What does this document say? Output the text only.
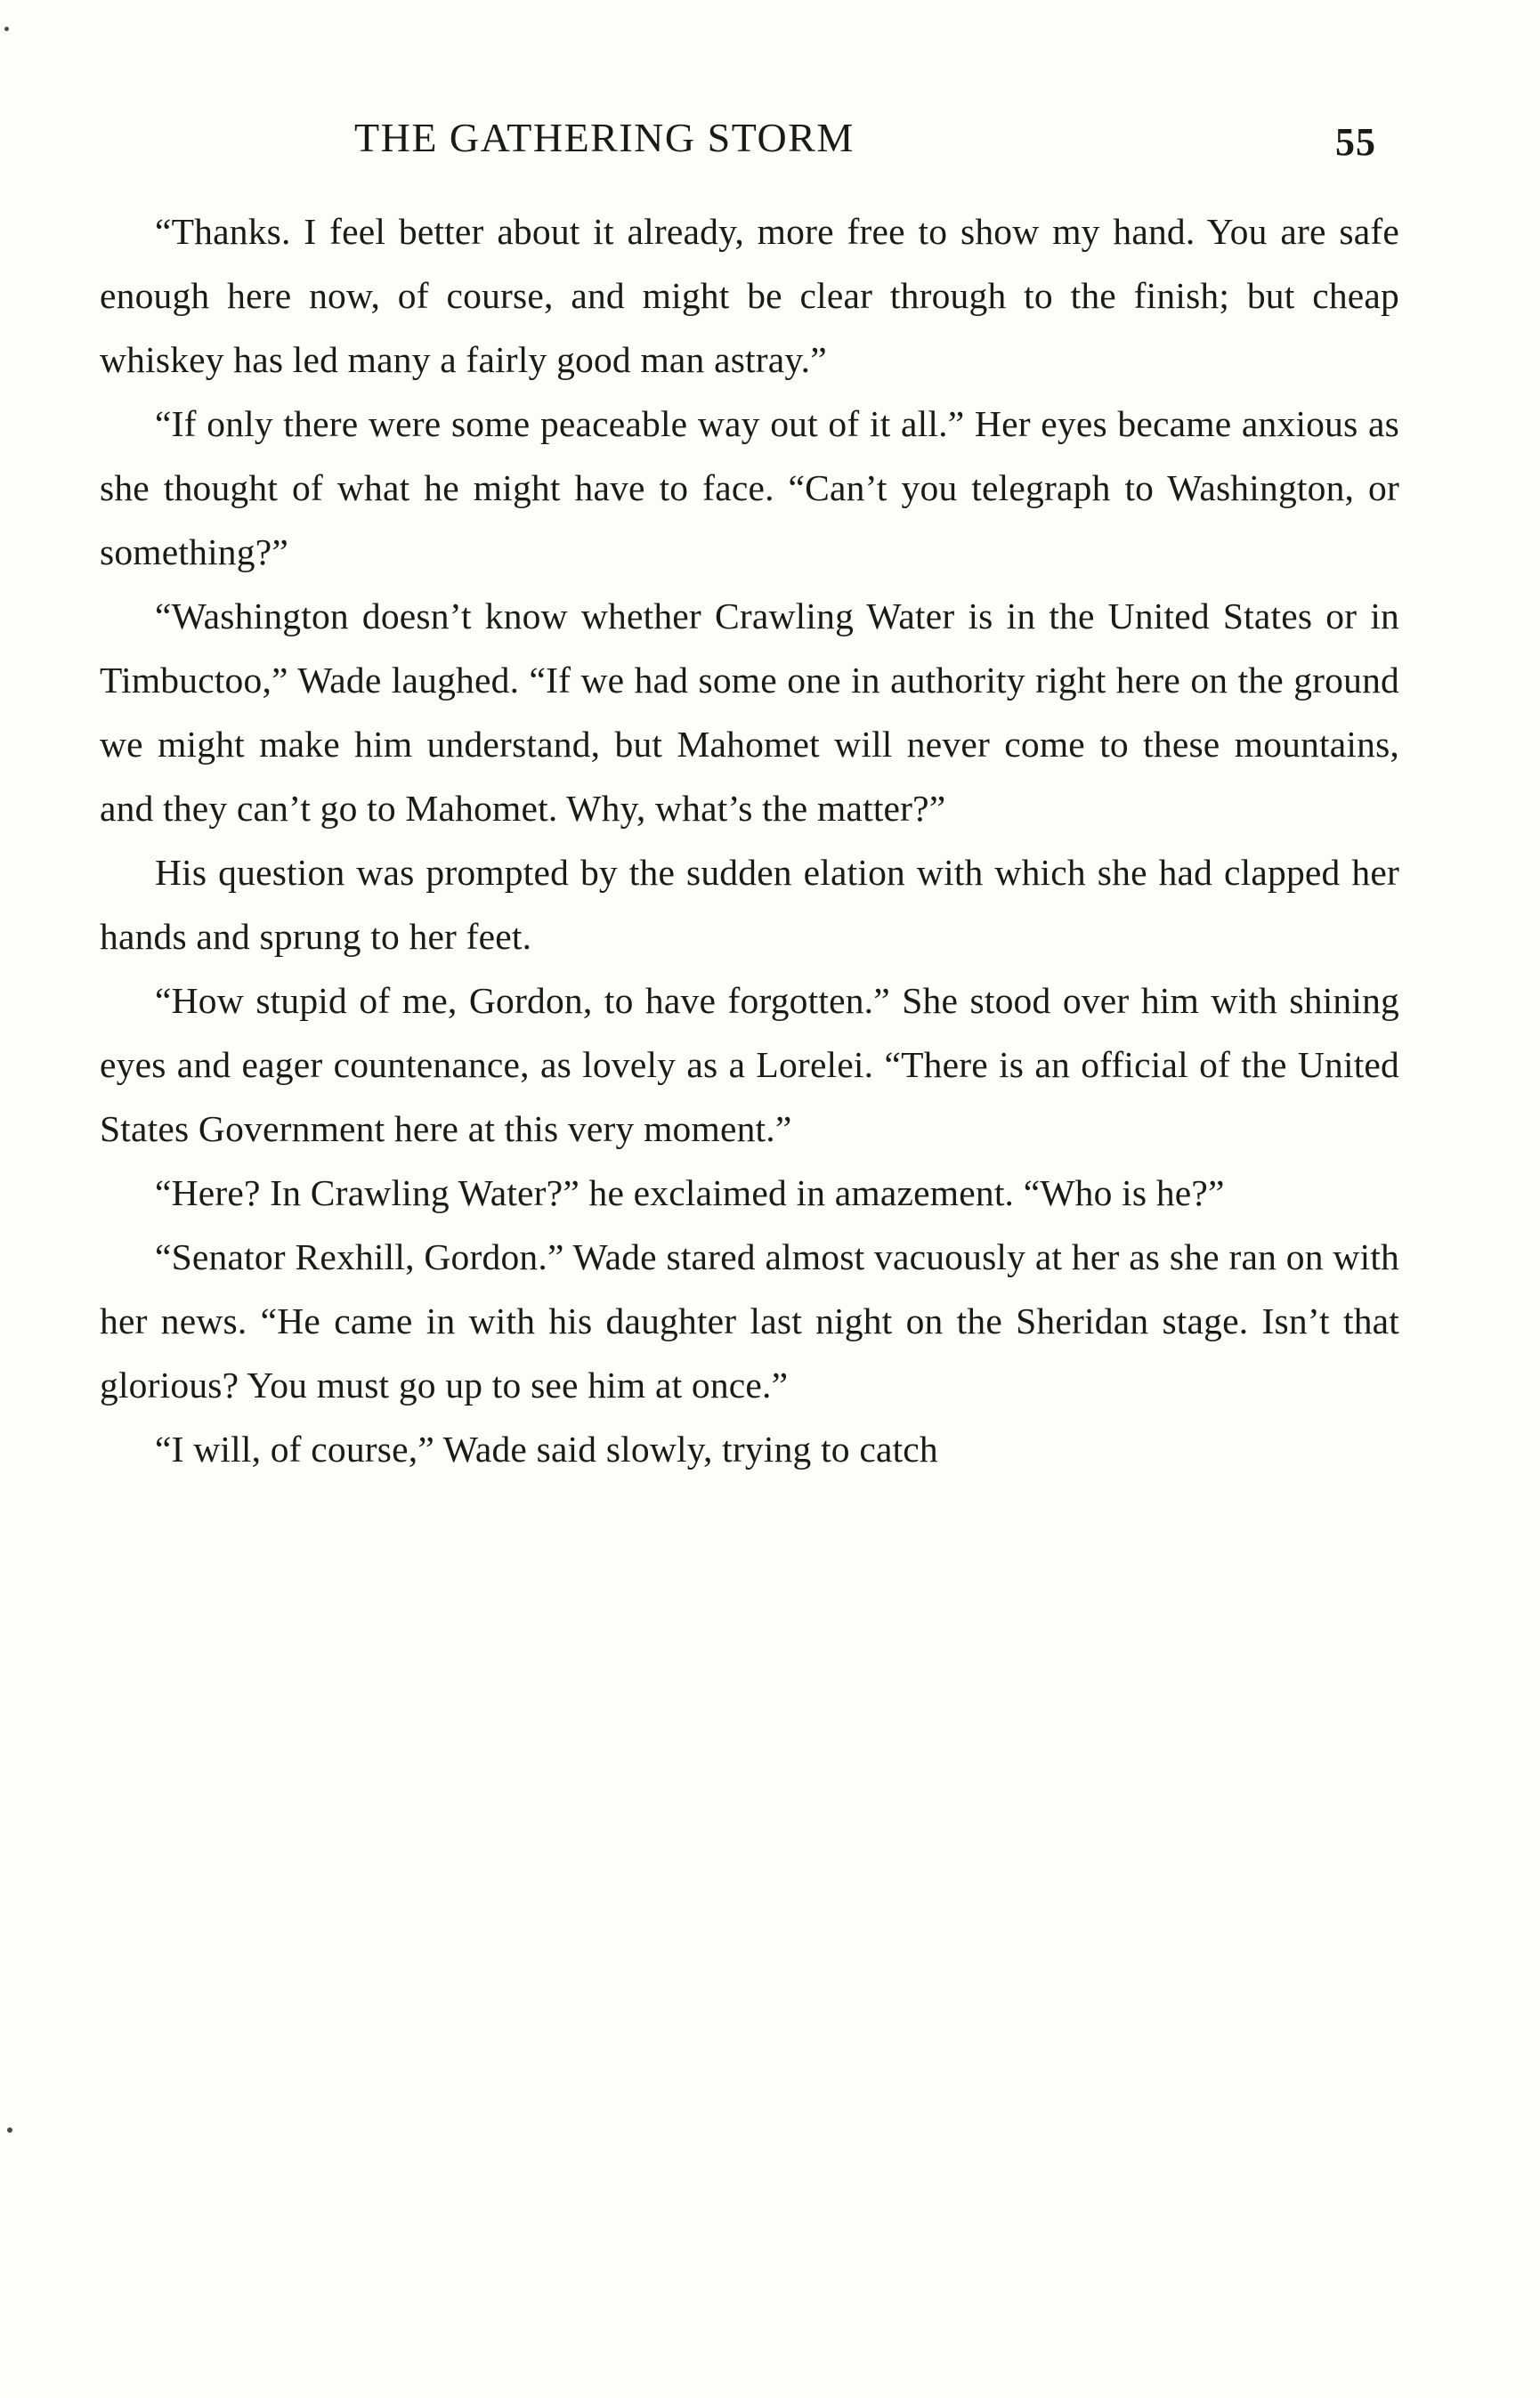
THE GATHERING STORM	55

“Thanks. I feel better about it already, more free to show my hand. You are safe enough here now, of course, and might be clear through to the finish; but cheap whiskey has led many a fairly good man astray.”

“If only there were some peaceable way out of it all.” Her eyes became anxious as she thought of what he might have to face. “Can’t you telegraph to Washington, or something?”

“Washington doesn’t know whether Crawling Water is in the United States or in Timbuctoo,” Wade laughed. “If we had some one in authority right here on the ground we might make him understand, but Mahomet will never come to these mountains, and they can’t go to Mahomet. Why, what’s the matter?”

His question was prompted by the sudden elation with which she had clapped her hands and sprung to her feet.

“How stupid of me, Gordon, to have forgotten.” She stood over him with shining eyes and eager countenance, as lovely as a Lorelei. “There is an official of the United States Government here at this very moment.”

“Here? In Crawling Water?” he exclaimed in amazement. “Who is he?”

“Senator Rexhill, Gordon.” Wade stared almost vacuously at her as she ran on with her news. “He came in with his daughter last night on the Sheridan stage. Isn’t that glorious? You must go up to see him at once.”

“I will, of course,” Wade said slowly, trying to catch
